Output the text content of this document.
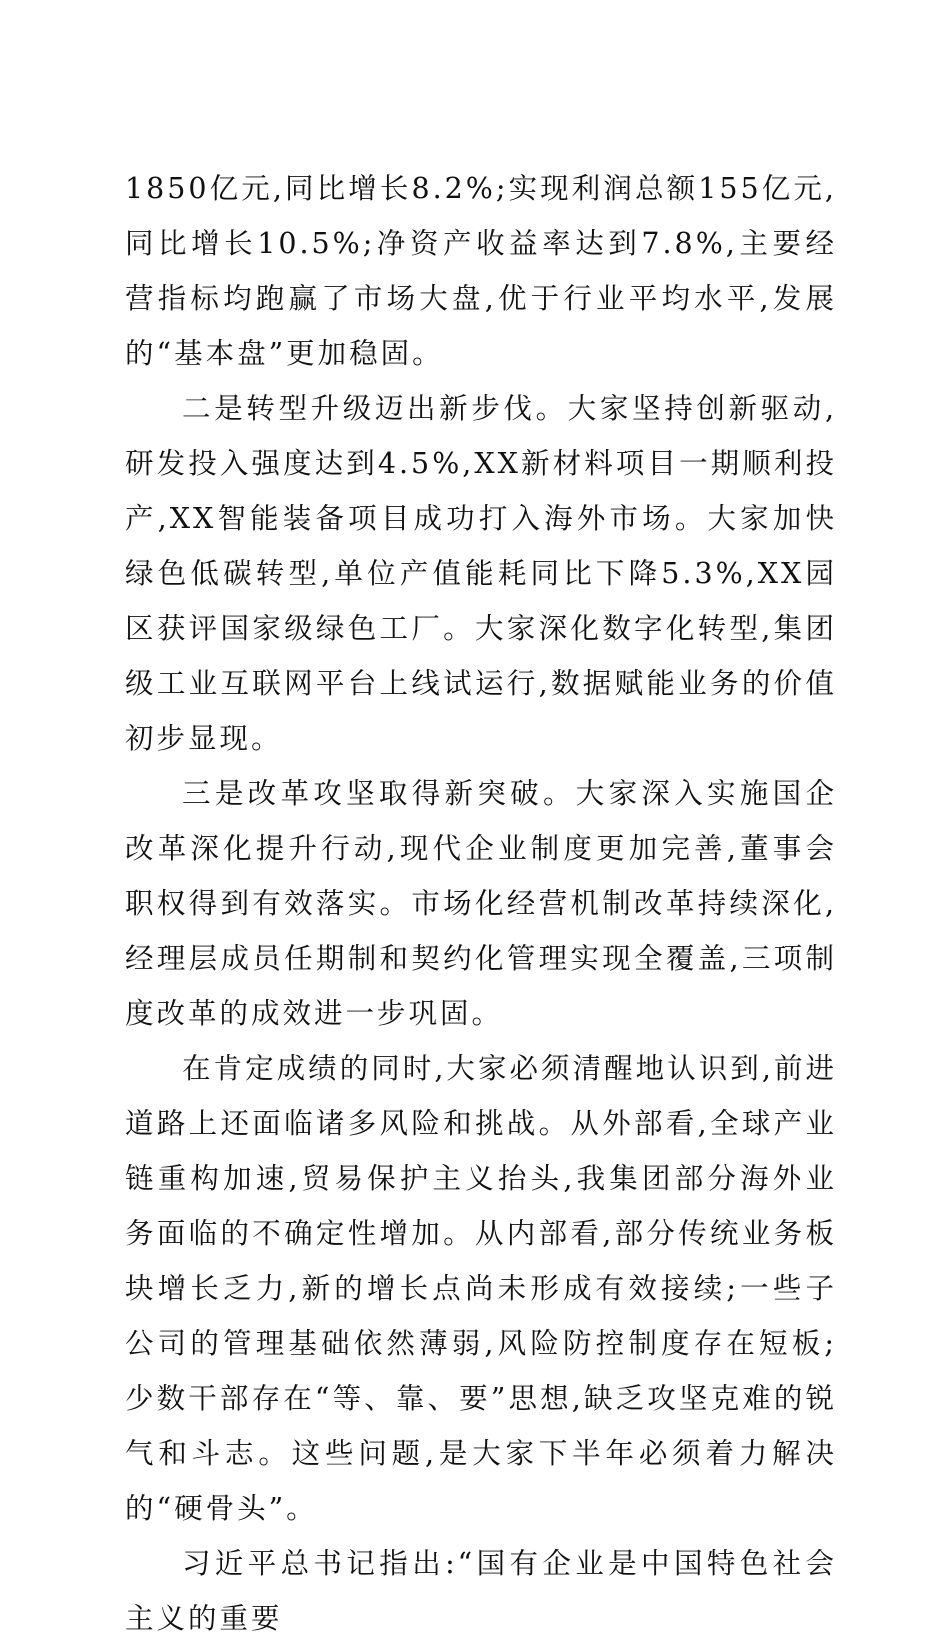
1850亿元,同比增长8.2%;实现利润总额155亿元,同比增长10.5%;净资产收益率达到7.8%,主要经营指标均跑赢了市场大盘,优于行业平均水平,发展的“基本盘”更加稳固。

二是转型升级迈出新步伐。大家坚持创新驱动,研发投入强度达到4.5%,XX新材料项目一期顺利投产,XX智能装备项目成功打入海外市场。大家加快绿色低碳转型,单位产值能耗同比下降5.3%,XX园区获评国家级绿色工厂。大家深化数字化转型,集团级工业互联网平台上线试运行,数据赋能业务的价值初步显现。

三是改革攻坚取得新突破。大家深入实施国企改革深化提升行动,现代企业制度更加完善,董事会职权得到有效落实。市场化经营机制改革持续深化,经理层成员任期制和契约化管理实现全覆盖,三项制度改革的成效进一步巩固。

在肯定成绩的同时,大家必须清醒地认识到,前进道路上还面临诸多风险和挑战。从外部看,全球产业链重构加速,贸易保护主义抬头,我集团部分海外业务面临的不确定性增加。从内部看,部分传统业务板块增长乏力,新的增长点尚未形成有效接续;一些子公司的管理基础依然薄弱,风险防控制度存在短板;少数干部存在“等、靠、要”思想,缺乏攻坚克难的锐气和斗志。这些问题,是大家下半年必须着力解决的“硬骨头”。

习近平总书记指出:“国有企业是中国特色社会主义的重要
